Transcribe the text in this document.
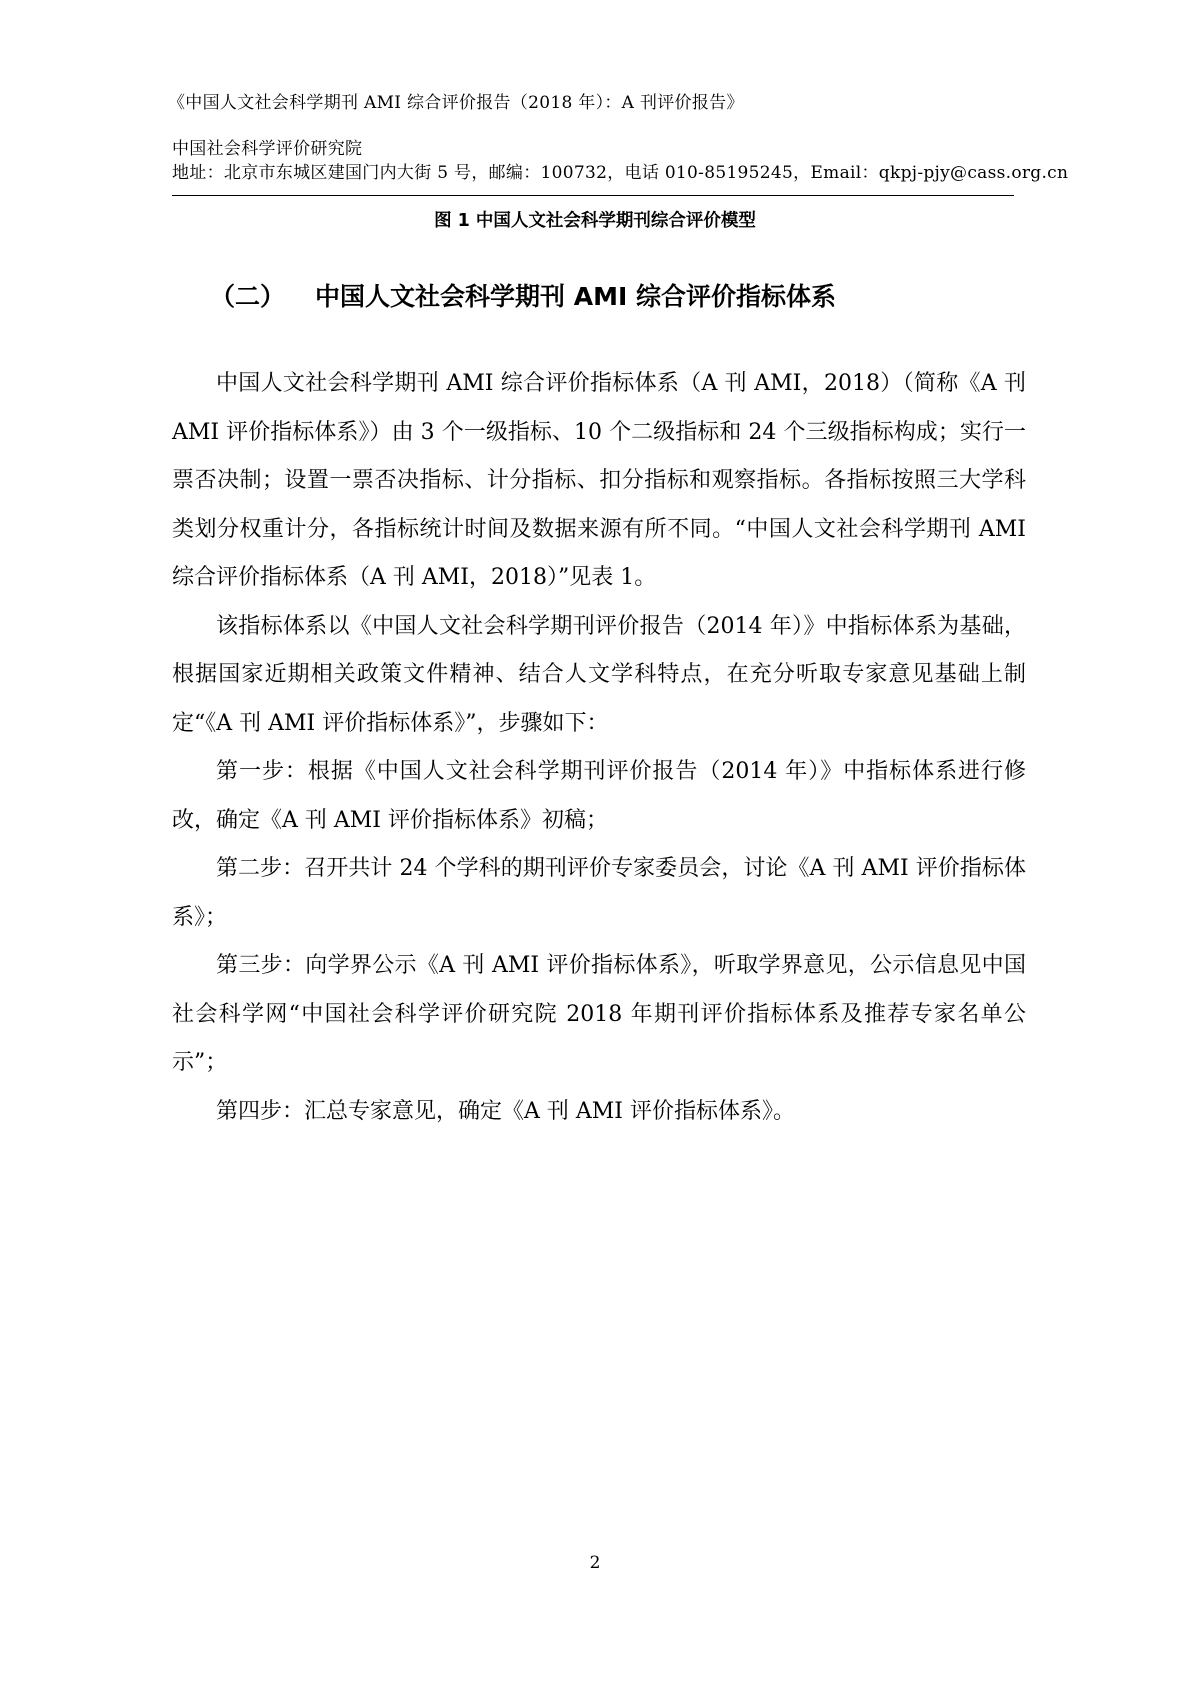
《中国人文社会科学期刊 AMI 综合评价报告（2018 年）：A 刊评价报告》
中国社会科学评价研究院
地址：北京市东城区建国门内大街 5 号，邮编：100732，电话 010-85195245，Email：qkpj-pjy@cass.org.cn
图 1 中国人文社会科学期刊综合评价模型
（二） 中国人文社会科学期刊 AMI 综合评价指标体系

中国人文社会科学期刊 AMI 综合评价指标体系（A 刊 AMI，2018）（简称《A 刊 AMI 评价指标体系》）由 3 个一级指标、10 个二级指标和 24 个三级指标构成；实行一票否决制；设置一票否决指标、计分指标、扣分指标和观察指标。各指标按照三大学科类划分权重计分，各指标统计时间及数据来源有所不同。“中国人文社会科学期刊 AMI 综合评价指标体系（A 刊 AMI，2018）”见表 1。

该指标体系以《中国人文社会科学期刊评价报告（2014 年）》中指标体系为基础，根据国家近期相关政策文件精神、结合人文学科特点，在充分听取专家意见基础上制定“《A 刊 AMI 评价指标体系》”，步骤如下：

第一步：根据《中国人文社会科学期刊评价报告（2014 年）》中指标体系进行修改，确定《A 刊 AMI 评价指标体系》初稿；

第二步：召开共计 24 个学科的期刊评价专家委员会，讨论《A 刊 AMI 评价指标体系》；

第三步：向学界公示《A 刊 AMI 评价指标体系》，听取学界意见，公示信息见中国社会科学网“中国社会科学评价研究院 2018 年期刊评价指标体系及推荐专家名单公示”；

第四步：汇总专家意见，确定《A 刊 AMI 评价指标体系》。

2
